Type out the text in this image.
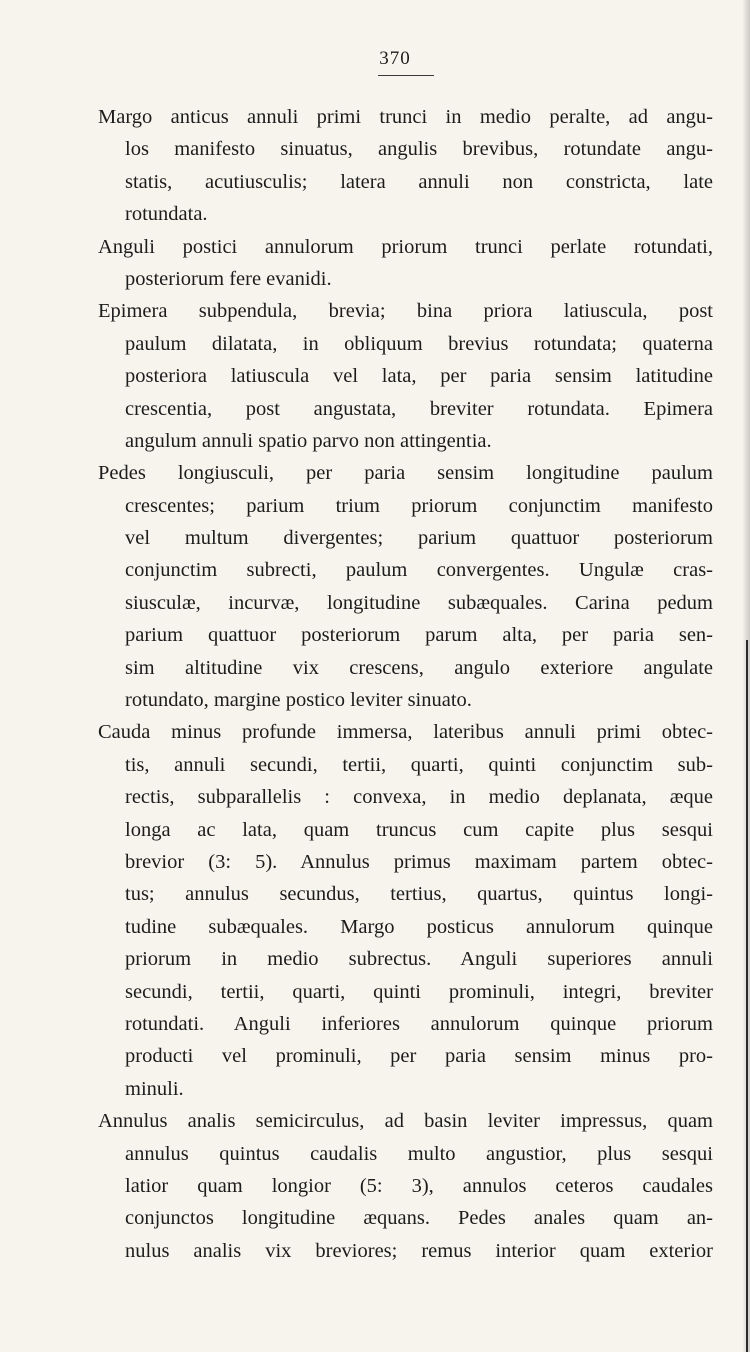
370
Margo anticus annuli primi trunci in medio peralte, ad angu-
los manifesto sinuatus, angulis brevibus, rotundate angu-
statis, acutiusculis; latera annuli non constricta, late
rotundata.
Anguli postici annulorum priorum trunci perlate rotundati,
posteriorum fere evanidi.
Epimera subpendula, brevia; bina priora latiuscula, post
paulum dilatata, in obliquum brevius rotundata; quaterna
posteriora latiuscula vel lata, per paria sensim latitudine
crescentia, post angustata, breviter rotundata. Epimera
angulum annuli spatio parvo non attingentia.
Pedes longiusculi, per paria sensim longitudine paulum
crescentes; parium trium priorum conjunctim manifesto
vel multum divergentes; parium quattuor posteriorum
conjunctim subrecti, paulum convergentes. Ungulæ cras-
siusculæ, incurvæ, longitudine subæquales. Carina pedum
parium quattuor posteriorum parum alta, per paria sen-
sim altitudine vix crescens, angulo exteriore angulate
rotundato, margine postico leviter sinuato.
Cauda minus profunde immersa, lateribus annuli primi obtec-
tis, annuli secundi, tertii, quarti, quinti conjunctim sub-
rectis, subparallelis : convexa, in medio deplanata, æque
longa ac lata, quam truncus cum capite plus sesqui
brevior (3: 5). Annulus primus maximam partem obtec-
tus; annulus secundus, tertius, quartus, quintus longi-
tudine subæquales. Margo posticus annulorum quinque
priorum in medio subrectus. Anguli superiores annuli
secundi, tertii, quarti, quinti prominuli, integri, breviter
rotundati. Anguli inferiores annulorum quinque priorum
producti vel prominuli, per paria sensim minus pro-
minuli.
Annulus analis semicirculus, ad basin leviter impressus, quam
annulus quintus caudalis multo angustior, plus sesqui
latior quam longior (5: 3), annulos ceteros caudales
conjunctos longitudine æquans. Pedes anales quam an-
nulus analis vix breviores; remus interior quam exterior
